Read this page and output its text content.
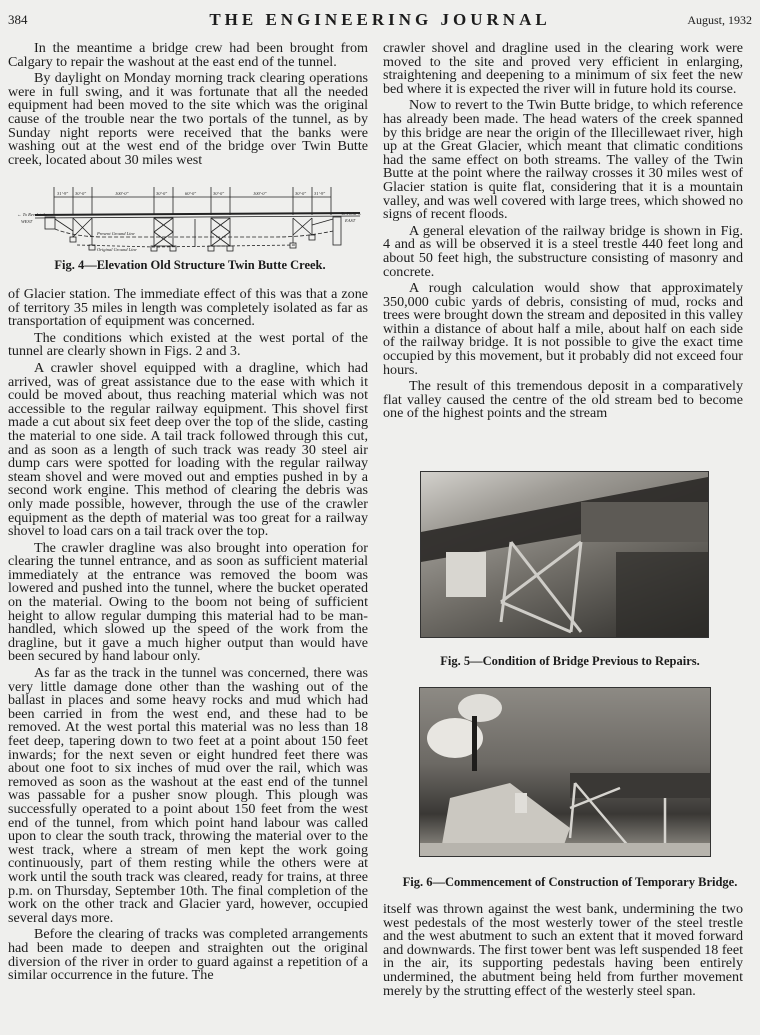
384	THE ENGINEERING JOURNAL	August, 1932

In the meantime a bridge crew had been brought from Calgary to repair the washout at the east end of the tunnel.

By daylight on Monday morning track clearing operations were in full swing, and it was fortunate that all the needed equipment had been moved to the site which was the original cause of the trouble near the two portals of the tunnel, as by Sunday night reports were received that the banks were washing out at the west end of the bridge over Twin Butte creek, located about 30 miles west

← To Revelstoke
WEST
To Field →
EAST
Present Ground Line
Original Ground Line
31'-9" 30'-0"	100'-0"	30'-0"	60'-0"	30'-0"	100'-0"	30'-0" 31'-9"
Fig. 4—Elevation Old Structure Twin Butte Creek.

of Glacier station. The immediate effect of this was that a zone of territory 35 miles in length was completely isolated as far as transportation of equipment was concerned.

The conditions which existed at the west portal of the tunnel are clearly shown in Figs. 2 and 3.

A crawler shovel equipped with a dragline, which had arrived, was of great assistance due to the ease with which it could be moved about, thus reaching material which was not accessible to the regular railway equipment. This shovel first made a cut about six feet deep over the top of the slide, casting the material to one side. A tail track followed through this cut, and as soon as a length of such track was ready 30 steel air dump cars were spotted for loading with the regular railway steam shovel and were moved out and empties pushed in by a second work engine. This method of clearing the debris was only made possible, however, through the use of the crawler equipment as the depth of material was too great for a railway shovel to load cars on a tail track over the top.

The crawler dragline was also brought into operation for clearing the tunnel entrance, and as soon as sufficient material immediately at the entrance was removed the boom was lowered and pushed into the tunnel, where the bucket operated on the material. Owing to the boom not being of sufficient height to allow regular dumping this material had to be man-handled, which slowed up the speed of the work from the dragline, but it gave a much higher output than would have been secured by hand labour only.

As far as the track in the tunnel was concerned, there was very little damage done other than the washing out of the ballast in places and some heavy rocks and mud which had been carried in from the west end, and these had to be removed. At the west portal this material was no less than 18 feet deep, tapering down to two feet at a point about 150 feet inwards; for the next seven or eight hundred feet there was about one foot to six inches of mud over the rail, which was removed as soon as the washout at the east end of the tunnel was passable for a pusher snow plough. This plough was successfully operated to a point about 150 feet from the west end of the tunnel, from which point hand labour was called upon to clear the south track, throwing the material over to the west track, where a stream of men kept the work going continuously, part of them resting while the others were at work until the south track was cleared, ready for trains, at three p.m. on Thursday, September 10th. The final completion of the work on the other track and Glacier yard, however, occupied several days more.

Before the clearing of tracks was completed arrangements had been made to deepen and straighten out the original diversion of the river in order to guard against a repetition of a similar occurrence in the future. The

crawler shovel and dragline used in the clearing work were moved to the site and proved very efficient in enlarging, straightening and deepening to a minimum of six feet the new bed where it is expected the river will in future hold its course.

Now to revert to the Twin Butte bridge, to which reference has already been made. The head waters of the creek spanned by this bridge are near the origin of the Illecillewaet river, high up at the Great Glacier, which meant that climatic conditions had the same effect on both streams. The valley of the Twin Butte at the point where the railway crosses it 30 miles west of Glacier station is quite flat, considering that it is a mountain valley, and was well covered with large trees, which showed no signs of recent floods.

A general elevation of the railway bridge is shown in Fig. 4 and as will be observed it is a steel trestle 440 feet long and about 50 feet high, the substructure consisting of masonry and concrete.

A rough calculation would show that approximately 350,000 cubic yards of debris, consisting of mud, rocks and trees were brought down the stream and deposited in this valley within a distance of about half a mile, about half on each side of the railway bridge. It is not possible to give the exact time occupied by this movement, but it probably did not exceed four hours.

The result of this tremendous deposit in a comparatively flat valley caused the centre of the old stream bed to become one of the highest points and the stream

Fig. 5—Condition of Bridge Previous to Repairs.
Fig. 6—Commencement of Construction of Temporary Bridge.

itself was thrown against the west bank, undermining the two west pedestals of the most westerly tower of the steel trestle and the west abutment to such an extent that it moved forward and downwards. The first tower bent was left suspended 18 feet in the air, its supporting pedestals having been entirely undermined, the abutment being held from further movement merely by the strutting effect of the westerly steel span.
